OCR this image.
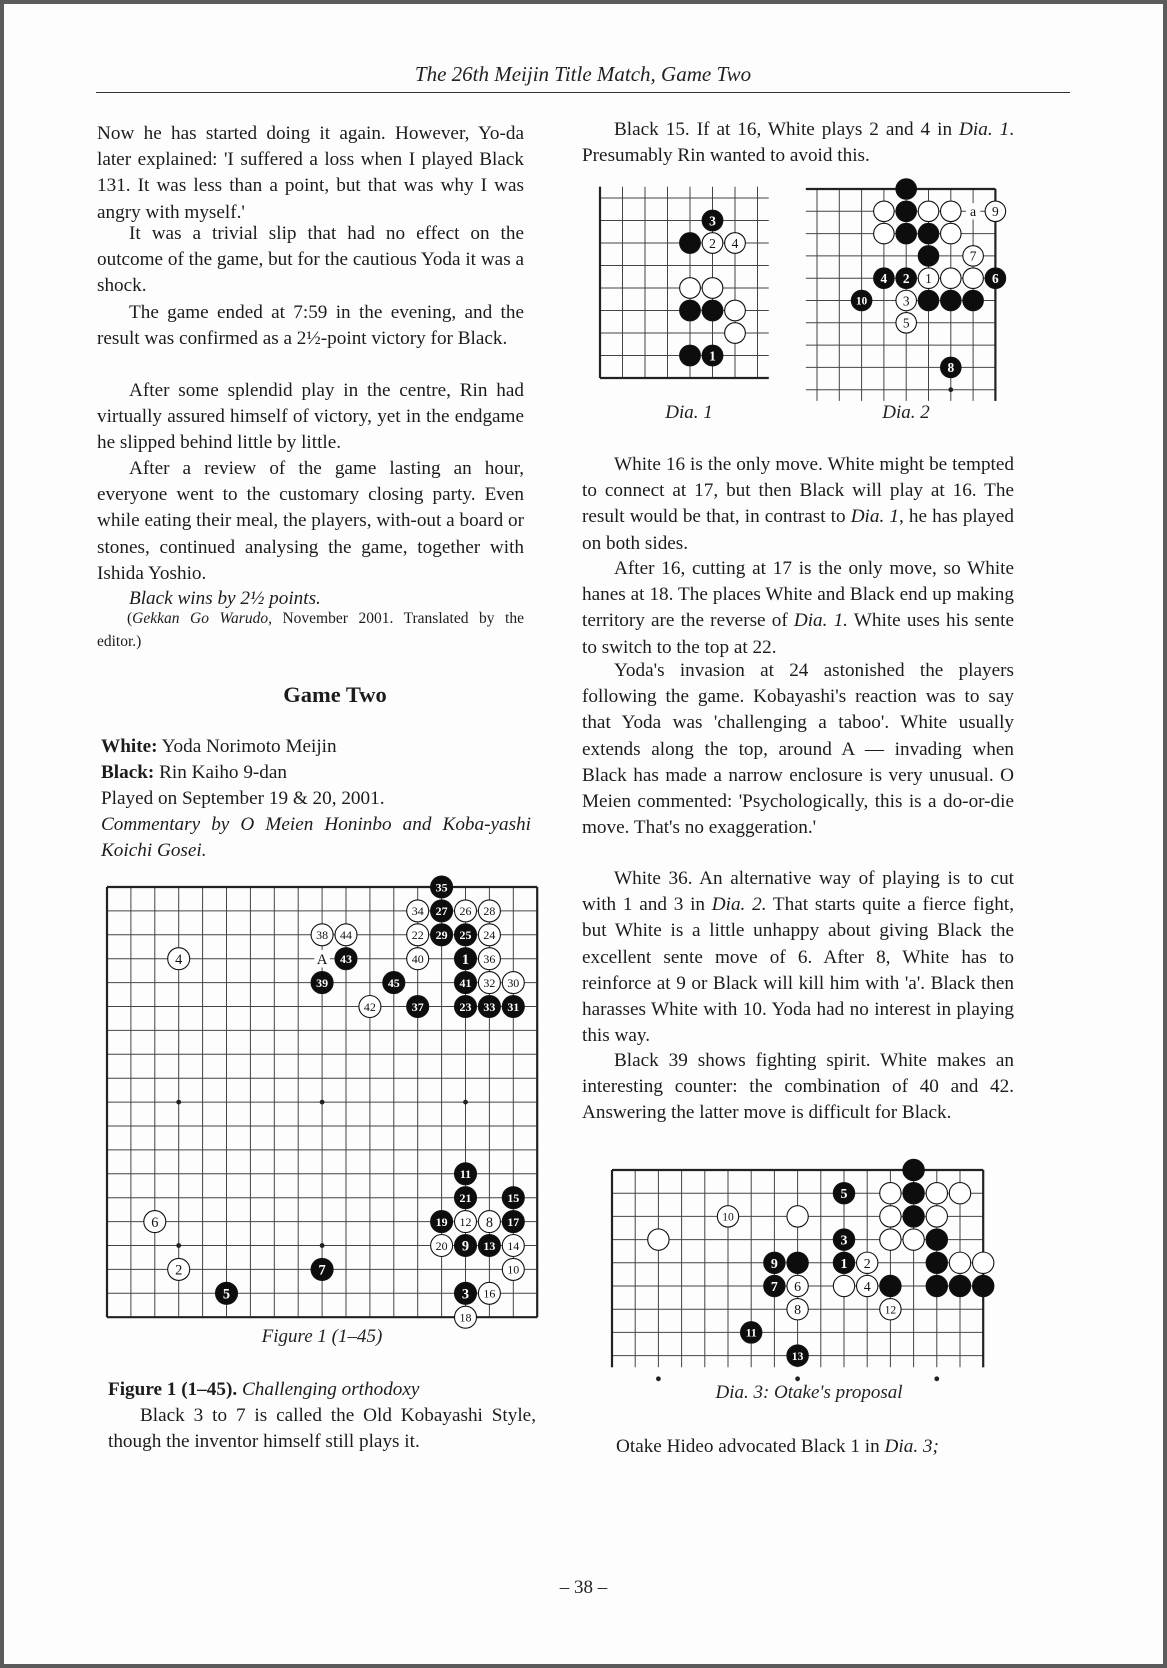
The 26th Meijin Title Match, Game Two

Now he has started doing it again. However, Yo-da later explained: 'I suffered a loss when I played Black 131. It was less than a point, but that was why I was angry with myself.'

It was a trivial slip that had no effect on the outcome of the game, but for the cautious Yoda it was a shock.

The game ended at 7:59 in the evening, and the result was confirmed as a 2½-point victory for Black.

After some splendid play in the centre, Rin had virtually assured himself of victory, yet in the endgame he slipped behind little by little.

After a review of the game lasting an hour, everyone went to the customary closing party. Even while eating their meal, the players, with-out a board or stones, continued analysing the game, together with Ishida Yoshio.

Black wins by 2½ points.

(Gekkan Go Warudo, November 2001. Translated by the editor.)

Game Two

White: Yoda Norimoto Meijin

Black: Rin Kaiho 9-dan

Played on September 19 & 20, 2001.

Commentary by O Meien Honinbo and Koba-yashi Koichi Gosei.

4
38 44
A 43
39	45
42	37
35
34 27 26 28
22 29 25 24
40	1 36
41 32 30
23 33 31
11
21	15
6	19 12 8 17
20 9 13 14
2	7	10
5	3 16
18
Figure 1 (1–45)

Figure 1 (1–45). Challenging orthodoxy

Black 3 to 7 is called the Old Kobayashi Style, though the inventor himself still plays it.

Black 15. If at 16, White plays 2 and 4 in Dia. 1. Presumably Rin wanted to avoid this.

3
2 4
1
Dia. 1
a 9
7
4 2 1	6
10	3
5
8
Dia. 2

White 16 is the only move. White might be tempted to connect at 17, but then Black will play at 16. The result would be that, in contrast to Dia. 1, he has played on both sides.

After 16, cutting at 17 is the only move, so White hanes at 18. The places White and Black end up making territory are the reverse of Dia. 1. White uses his sente to switch to the top at 22.

Yoda's invasion at 24 astonished the players following the game. Kobayashi's reaction was to say that Yoda was 'challenging a taboo'. White usually extends along the top, around A — invading when Black has made a narrow enclosure is very unusual. O Meien commented: 'Psychologically, this is a do-or-die move. That's no exaggeration.'

White 36. An alternative way of playing is to cut with 1 and 3 in Dia. 2. That starts quite a fierce fight, but White is a little unhappy about giving Black the excellent sente move of 6. After 8, White has to reinforce at 9 or Black will kill him with 'a'. Black then harasses White with 10. Yoda had no interest in playing this way.

Black 39 shows fighting spirit. White makes an interesting counter: the combination of 40 and 42. Answering the latter move is difficult for Black.

5
10
3
9	1 2
7 6	4
8	12
11
13
Dia. 3: Otake's proposal

Otake Hideo advocated Black 1 in Dia. 3;

– 38 –
